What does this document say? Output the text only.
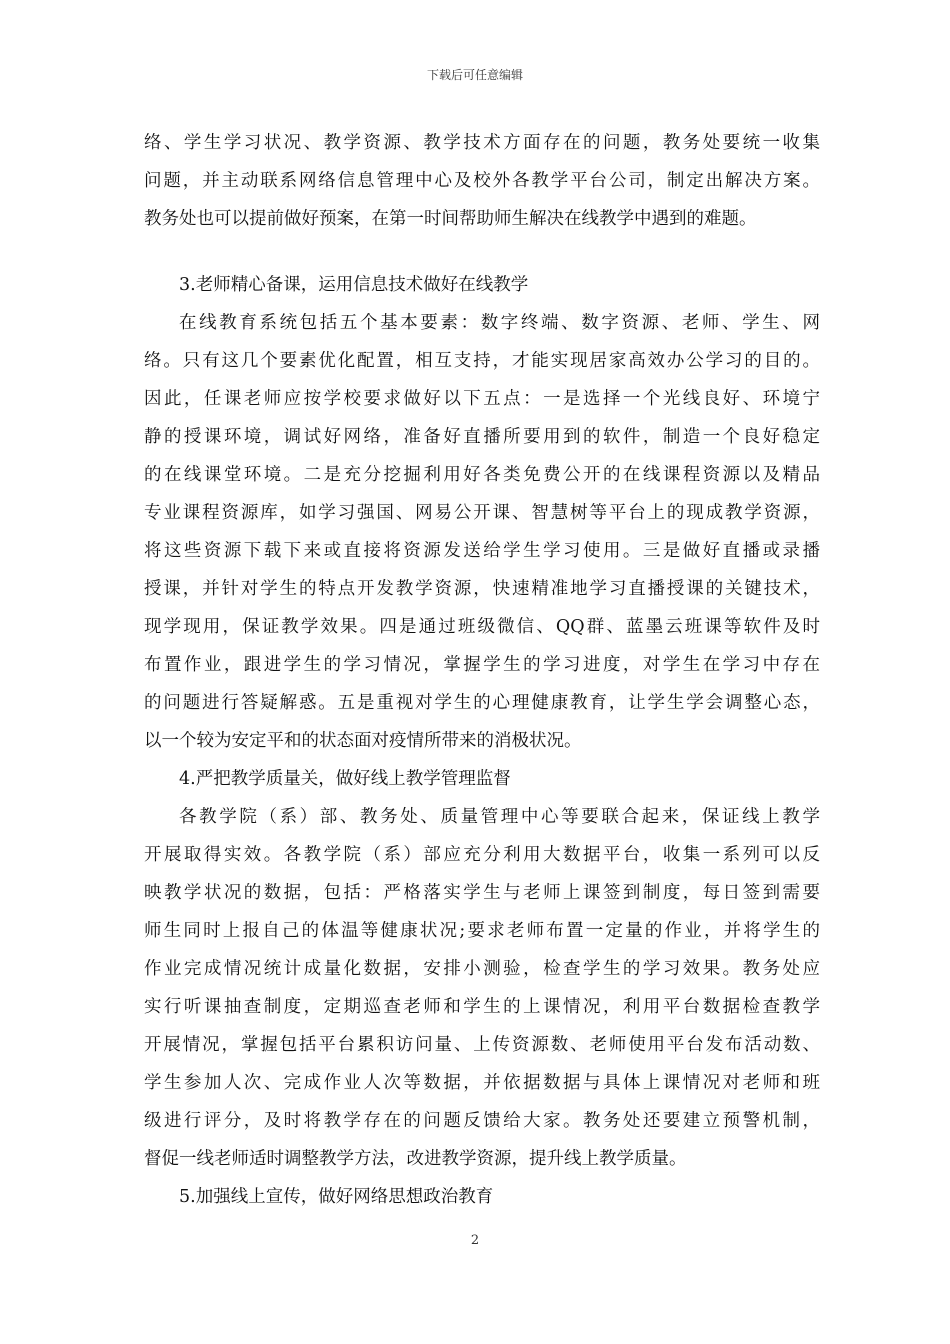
下载后可任意编辑
络、学生学习状况、教学资源、教学技术方面存在的问题，教务处要统一收集
问题，并主动联系网络信息管理中心及校外各教学平台公司，制定出解决方案。
教务处也可以提前做好预案，在第一时间帮助师生解决在线教学中遇到的难题。
3.老师精心备课，运用信息技术做好在线教学
在线教育系统包括五个基本要素：数字终端、数字资源、老师、学生、网
络。只有这几个要素优化配置，相互支持，才能实现居家高效办公学习的目的。
因此，任课老师应按学校要求做好以下五点：一是选择一个光线良好、环境宁
静的授课环境，调试好网络，准备好直播所要用到的软件，制造一个良好稳定
的在线课堂环境。二是充分挖掘利用好各类免费公开的在线课程资源以及精品
专业课程资源库，如学习强国、网易公开课、智慧树等平台上的现成教学资源，
将这些资源下载下来或直接将资源发送给学生学习使用。三是做好直播或录播
授课，并针对学生的特点开发教学资源，快速精准地学习直播授课的关键技术，
现学现用，保证教学效果。四是通过班级微信、QQ群、蓝墨云班课等软件及时
布置作业，跟进学生的学习情况，掌握学生的学习进度，对学生在学习中存在
的问题进行答疑解惑。五是重视对学生的心理健康教育，让学生学会调整心态，
以一个较为安定平和的状态面对疫情所带来的消极状况。
4.严把教学质量关，做好线上教学管理监督
各教学院（系）部、教务处、质量管理中心等要联合起来，保证线上教学
开展取得实效。各教学院（系）部应充分利用大数据平台，收集一系列可以反
映教学状况的数据，包括：严格落实学生与老师上课签到制度，每日签到需要
师生同时上报自己的体温等健康状况;要求老师布置一定量的作业，并将学生的
作业完成情况统计成量化数据，安排小测验，检查学生的学习效果。教务处应
实行听课抽查制度，定期巡查老师和学生的上课情况，利用平台数据检查教学
开展情况，掌握包括平台累积访问量、上传资源数、老师使用平台发布活动数、
学生参加人次、完成作业人次等数据，并依据数据与具体上课情况对老师和班
级进行评分，及时将教学存在的问题反馈给大家。教务处还要建立预警机制，
督促一线老师适时调整教学方法，改进教学资源，提升线上教学质量。
5.加强线上宣传，做好网络思想政治教育
2
